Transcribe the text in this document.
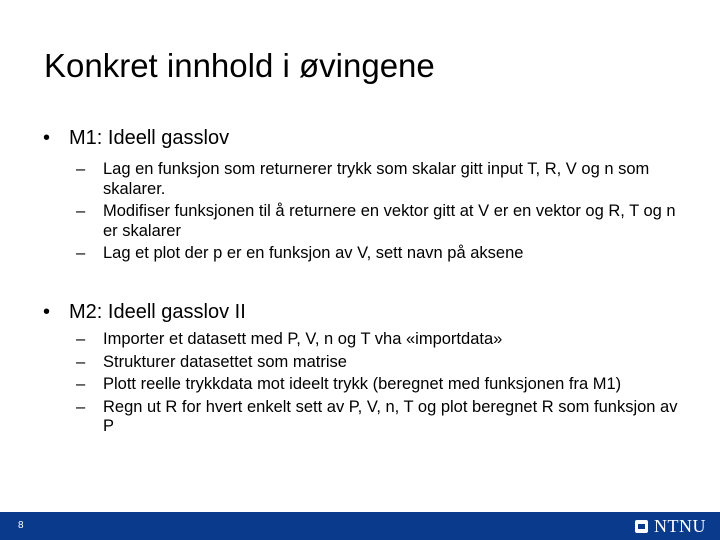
Konkret innhold i øvingene
• M1: Ideell gasslov
– Lag en funksjon som returnerer trykk som skalar gitt input T, R, V og n som skalarer.
– Modifiser funksjonen til å returnere en vektor gitt at V er en vektor og R, T og n er skalarer
– Lag et plot der p er en funksjon av V, sett navn på aksene
• M2: Ideell gasslov II
– Importer et datasett med P, V, n og T vha «importdata»
– Strukturer datasettet som matrise
– Plott reelle trykkdata mot ideelt trykk (beregnet med funksjonen fra M1)
– Regn ut R for hvert enkelt sett av P, V, n, T og plot beregnet R som funksjon av P
8	NTNU
